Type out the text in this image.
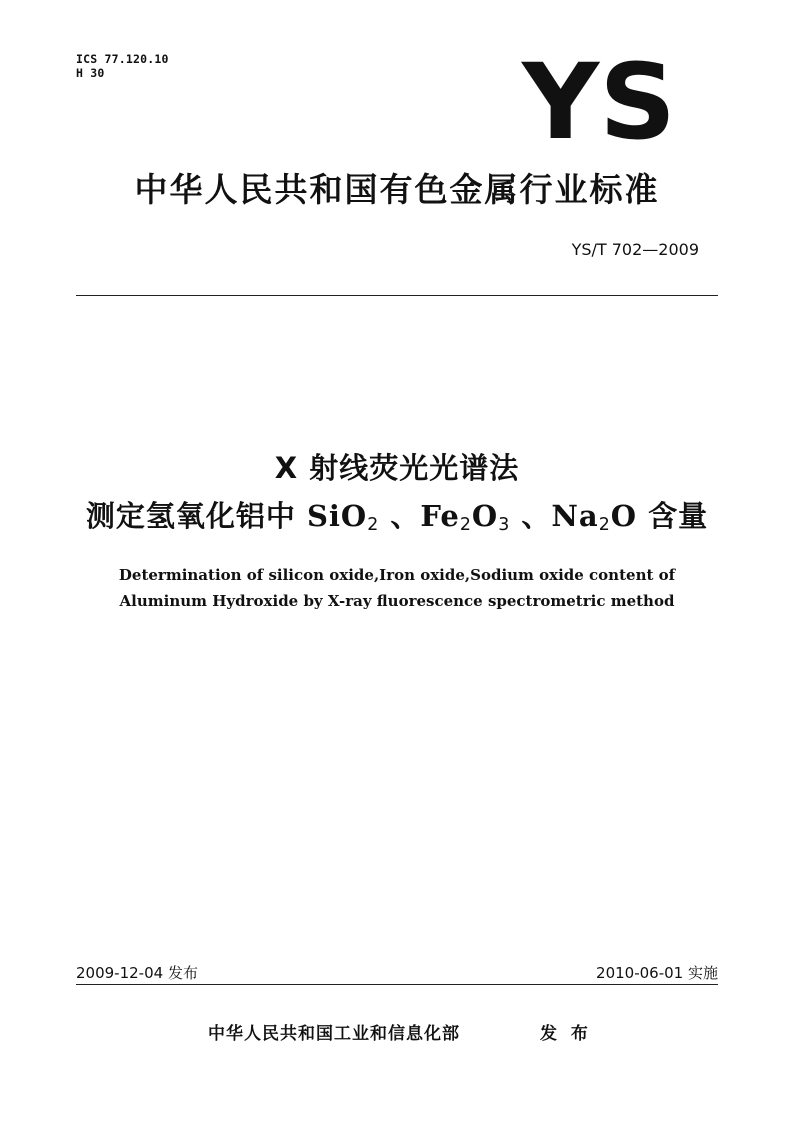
ICS 77.120.10
H 30	YS
中华人民共和国有色金属行业标准
YS/T 702—2009
X 射线荧光光谱法
测定氢氧化铝中 SiO$_2$ 、$Fe_2O_3$ 、$Na_2O$ 含量
Determination of silicon oxide,Iron oxide,Sodium oxide content of
Aluminum Hydroxide by X-ray fluorescence spectrometric method
2009-12-04 发布	2010-06-01 实施
中华人民共和国工业和信息化部	发 布
